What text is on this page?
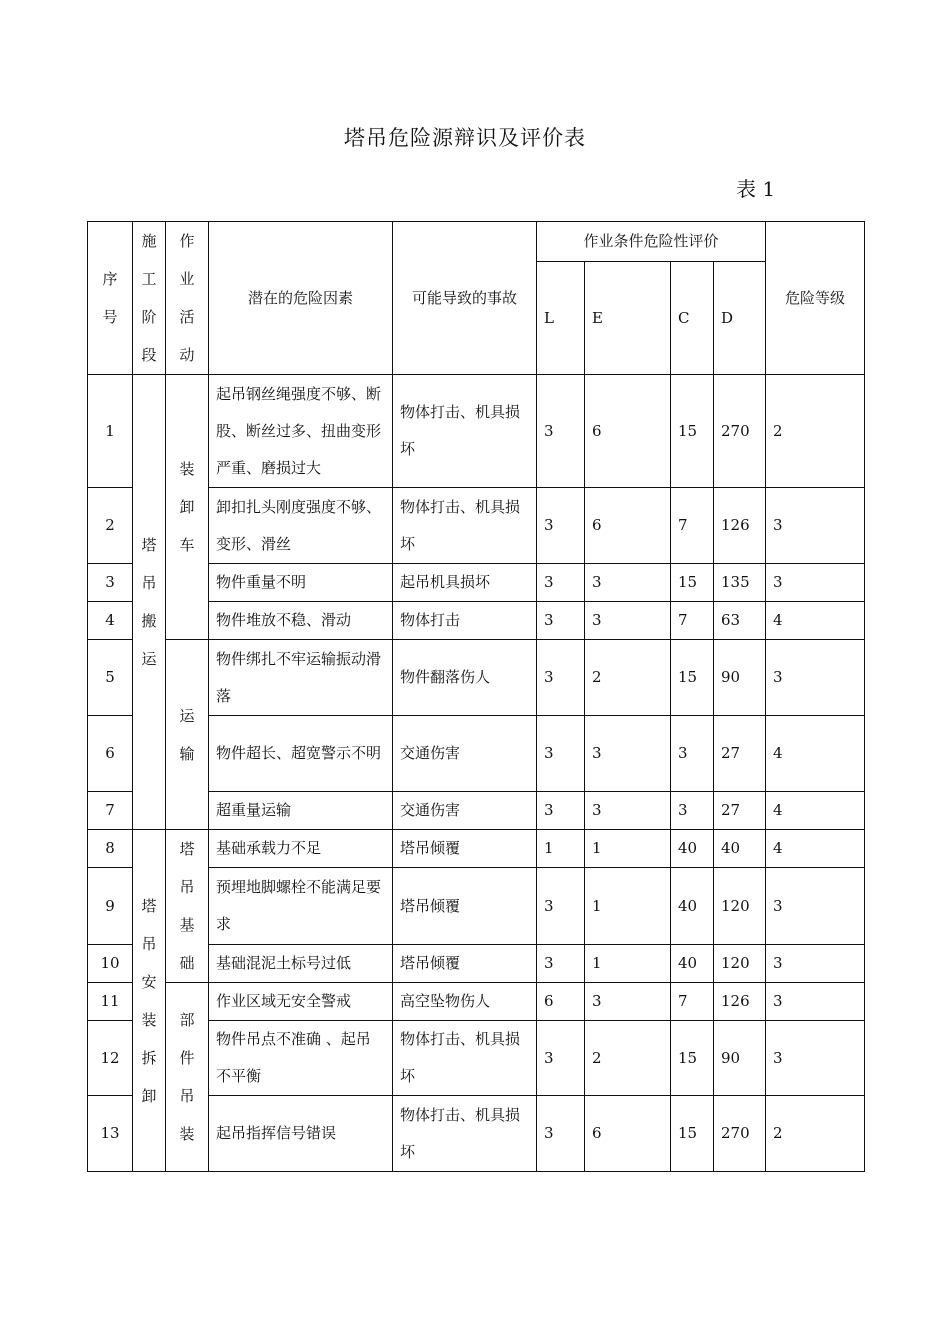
塔吊危险源辩识及评价表
表 1
序号	施工阶段	作业活动	潜在的危险因素	可能导致的事故	作业条件危险性评价				危险等级
					L	E	C	D	
1	塔吊搬运	装卸车	起吊钢丝绳强度不够、断股、断丝过多、扭曲变形严重、磨损过大	物体打击、机具损坏	3	6	15	270	2
2			卸扣扎头刚度强度不够、变形、滑丝	物体打击、机具损坏	3	6	7	126	3
3			物件重量不明	起吊机具损坏	3	3	15	135	3
4			物件堆放不稳、滑动	物体打击	3	3	7	63	4
5		运输	物件绑扎不牢运输振动滑落	物件翻落伤人	3	2	15	90	3
6			物件超长、超宽警示不明	交通伤害	3	3	3	27	4
7			超重量运输	交通伤害	3	3	3	27	4
8	塔吊安装拆卸	塔吊基础	基础承载力不足	塔吊倾覆	1	1	40	40	4
9			预埋地脚螺栓不能满足要求	塔吊倾覆	3	1	40	120	3
10			基础混泥土标号过低	塔吊倾覆	3	1	40	120	3
11		部件吊装	作业区域无安全警戒	高空坠物伤人	6	3	7	126	3
12			物件吊点不准确 、起吊不平衡	物体打击、机具损坏	3	2	15	90	3
13			起吊指挥信号错误	物体打击、机具损坏	3	6	15	270	2
